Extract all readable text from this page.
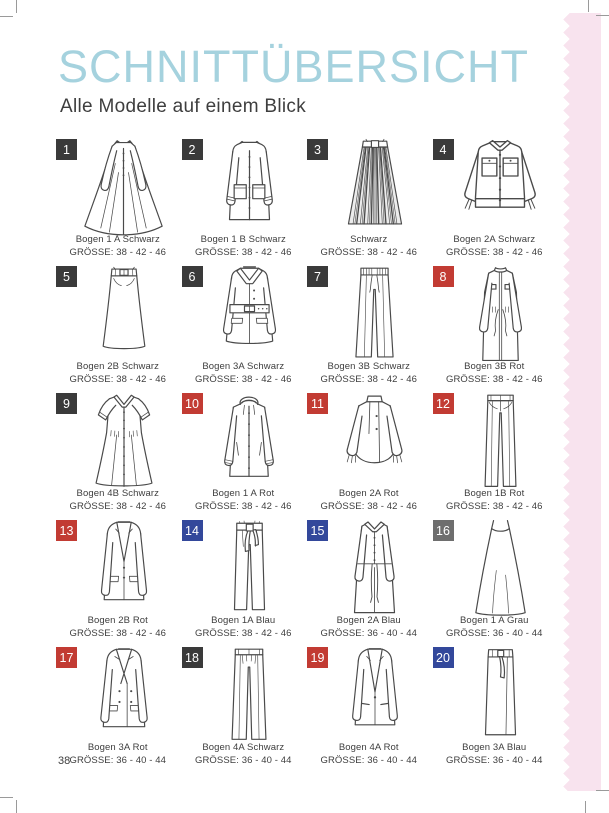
SCHNITTÜBERSICHT
Alle Modelle auf einem Blick
1
Bogen 1 A Schwarz
GRÖSSE: 38 - 42 - 46
2
Bogen 1 B Schwarz
GRÖSSE: 38 - 42 - 46
3
Schwarz
GRÖSSE: 38 - 42 - 46
4
Bogen 2A Schwarz
GRÖSSE: 38 - 42 - 46
5
Bogen 2B Schwarz
GRÖSSE: 38 - 42 - 46
6
Bogen 3A Schwarz
GRÖSSE: 38 - 42 - 46
7
Bogen 3B Schwarz
GRÖSSE: 38 - 42 - 46
8
Bogen 3B Rot
GRÖSSE: 38 - 42 - 46
9
Bogen 4B Schwarz
GRÖSSE: 38 - 42 - 46
10
Bogen 1 A Rot
GRÖSSE: 38 - 42 - 46
11
Bogen 2A Rot
GRÖSSE: 38 - 42 - 46
12
Bogen 1B Rot
GRÖSSE: 38 - 42 - 46
13
Bogen 2B Rot
GRÖSSE: 38 - 42 - 46
14
Bogen 1A Blau
GRÖSSE: 38 - 42 - 46
15
Bogen 2A Blau
GRÖSSE: 36 - 40 - 44
16
Bogen 1 A Grau
GRÖSSE: 36 - 40 - 44
17
Bogen 3A Rot
GRÖSSE: 36 - 40 - 44
18
Bogen 4A Schwarz
GRÖSSE: 36 - 40 - 44
19
Bogen 4A Rot
GRÖSSE: 36 - 40 - 44
20
Bogen 3A Blau
GRÖSSE: 36 - 40 - 44
38
